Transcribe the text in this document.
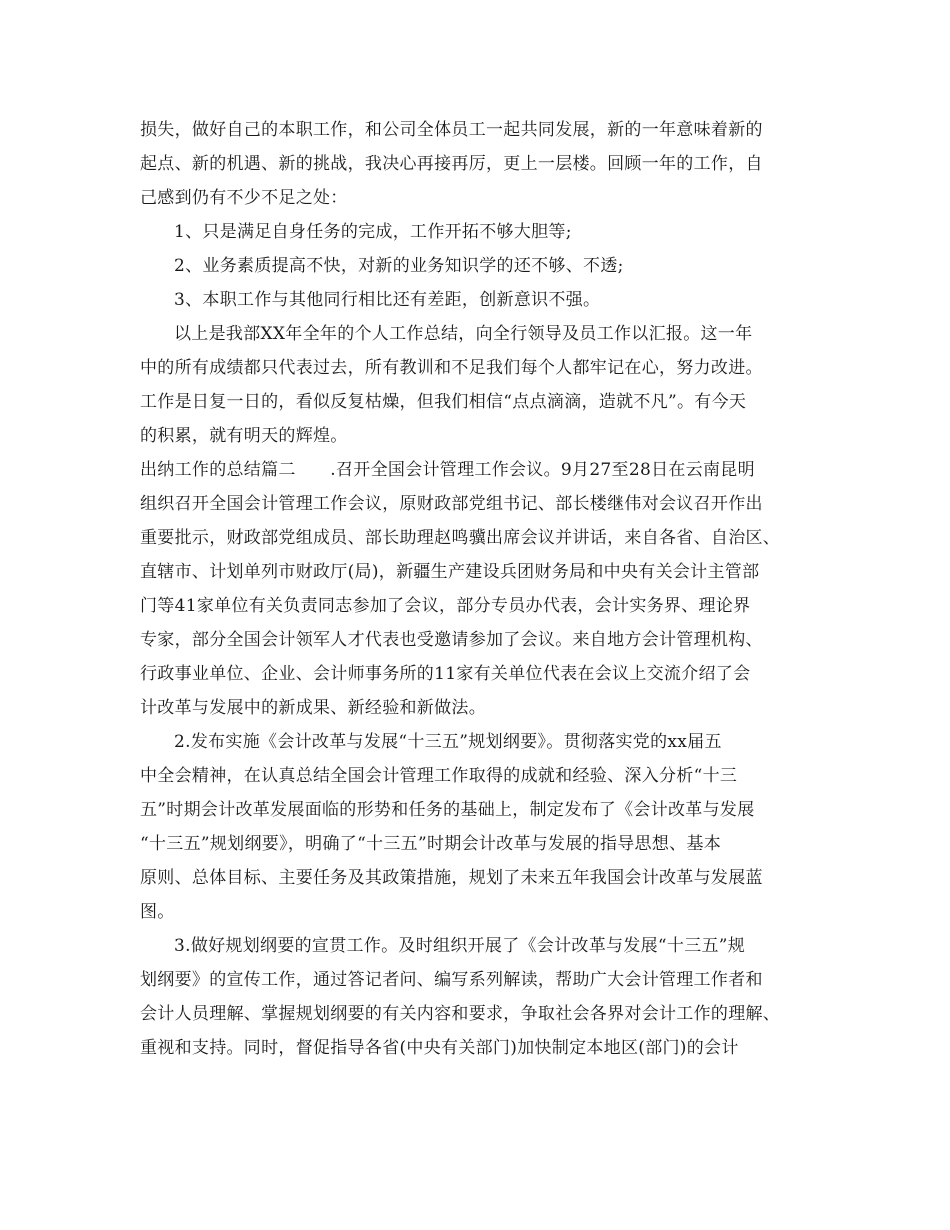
损失，做好自己的本职工作，和公司全体员工一起共同发展，新的一年意味着新的
起点、新的机遇、新的挑战，我决心再接再厉，更上一层楼。回顾一年的工作，自
己感到仍有不少不足之处：
1、只是满足自身任务的完成，工作开拓不够大胆等;
2、业务素质提高不快，对新的业务知识学的还不够、不透;
3、本职工作与其他同行相比还有差距，创新意识不强。
以上是我部XX年全年的个人工作总结，向全行领导及员工作以汇报。这一年
中的所有成绩都只代表过去，所有教训和不足我们每个人都牢记在心，努力改进。
工作是日复一日的，看似反复枯燥，但我们相信“点点滴滴，造就不凡”。有今天
的积累，就有明天的辉煌。
出纳工作的总结篇二　　.召开全国会计管理工作会议。9月27至28日在云南昆明
组织召开全国会计管理工作会议，原财政部党组书记、部长楼继伟对会议召开作出
重要批示，财政部党组成员、部长助理赵鸣骥出席会议并讲话，来自各省、自治区、
直辖市、计划单列市财政厅(局)，新疆生产建设兵团财务局和中央有关会计主管部
门等41家单位有关负责同志参加了会议，部分专员办代表，会计实务界、理论界
专家，部分全国会计领军人才代表也受邀请参加了会议。来自地方会计管理机构、
行政事业单位、企业、会计师事务所的11家有关单位代表在会议上交流介绍了会
计改革与发展中的新成果、新经验和新做法。
2.发布实施《会计改革与发展“十三五”规划纲要》。贯彻落实党的xx届五
中全会精神，在认真总结全国会计管理工作取得的成就和经验、深入分析“十三
五”时期会计改革发展面临的形势和任务的基础上，制定发布了《会计改革与发展
“十三五”规划纲要》，明确了“十三五”时期会计改革与发展的指导思想、基本
原则、总体目标、主要任务及其政策措施，规划了未来五年我国会计改革与发展蓝
图。
3.做好规划纲要的宣贯工作。及时组织开展了《会计改革与发展“十三五”规
划纲要》的宣传工作，通过答记者问、编写系列解读，帮助广大会计管理工作者和
会计人员理解、掌握规划纲要的有关内容和要求，争取社会各界对会计工作的理解、
重视和支持。同时，督促指导各省(中央有关部门)加快制定本地区(部门)的会计
